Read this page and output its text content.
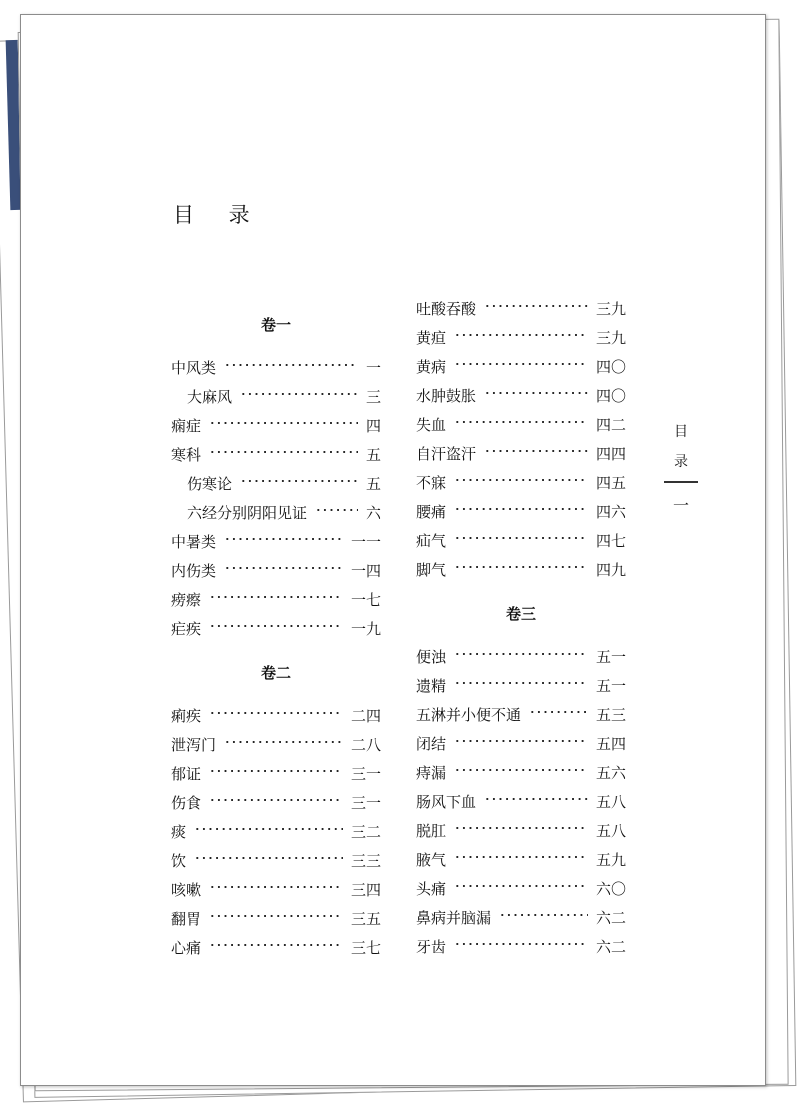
目 录
卷一
中风类	一
大麻风	三
痫症	四
寒科	五
伤寒论	五
六经分别阴阳见证	六
中暑类	一一
内伤类	一四
痨瘵	一七
疟疾	一九
卷二
痢疾	二四
泄泻门	二八
郁证	三一
伤食	三一
痰	三二
饮	三三
咳嗽	三四
翻胃	三五
心痛	三七
吐酸吞酸	三九
黄疸	三九
黄病	四〇
水肿鼓胀	四〇
失血	四二
自汗盗汗	四四
不寐	四五
腰痛	四六
疝气	四七
脚气	四九
卷三
便浊	五一
遗精	五一
五淋并小便不通	五三
闭结	五四
痔漏	五六
肠风下血	五八
脱肛	五八
腋气	五九
头痛	六〇
鼻病并脑漏	六二
牙齿	六二
目
录
一
